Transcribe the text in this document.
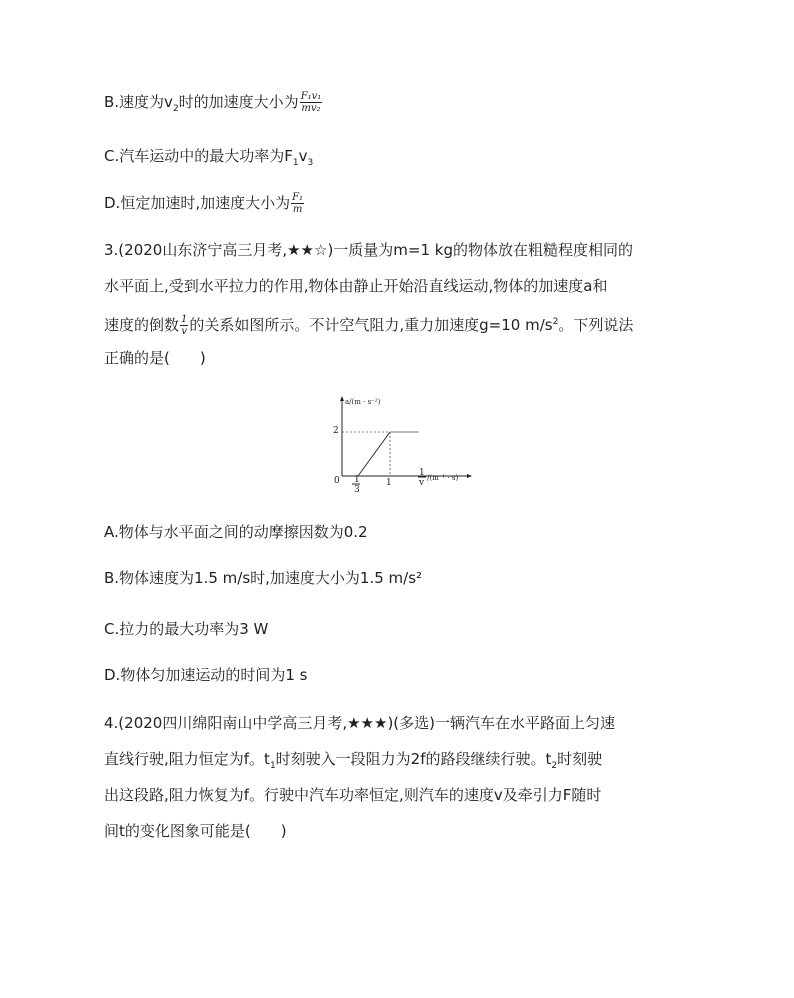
B.速度为$v_2$时的加速度大小为 $\frac{\text{F₁v₁}}{\text{mv₂}}$
C.汽车运动中的最大功率为$F_1v_3$
D.恒定加速时,加速度大小为 $\frac{\text{F₁}}{m}$
3.(2020山东济宁高三月考,★★☆)一质量为m=1 kg的物体放在粗糙程度相同的
水平面上,受到水平拉力的作用,物体由静止开始沿直线运动,物体的加速度a和
速度的倒数 $\frac{1}{v}$ 的关系如图所示。不计空气阻力,重力加速度g=10 $m/s^2$。下列说法
正确的是(　　)
a/(m · s⁻²)
2
0 1
3
1
1
v /(m⁻¹ · s)
A.物体与水平面之间的动摩擦因数为0.2
B.物体速度为1.5 m/s时,加速度大小为1.5 m/s²
C.拉力的最大功率为3 W
D.物体匀加速运动的时间为1 s
4.(2020四川绵阳南山中学高三月考,★★★)(多选)一辆汽车在水平路面上匀速
直线行驶,阻力恒定为f。$t_1$时刻驶入一段阻力为2f的路段继续行驶。$t_2$时刻驶
出这段路,阻力恢复为f。行驶中汽车功率恒定,则汽车的速度v及牵引力F随时
间t的变化图象可能是(　　)
